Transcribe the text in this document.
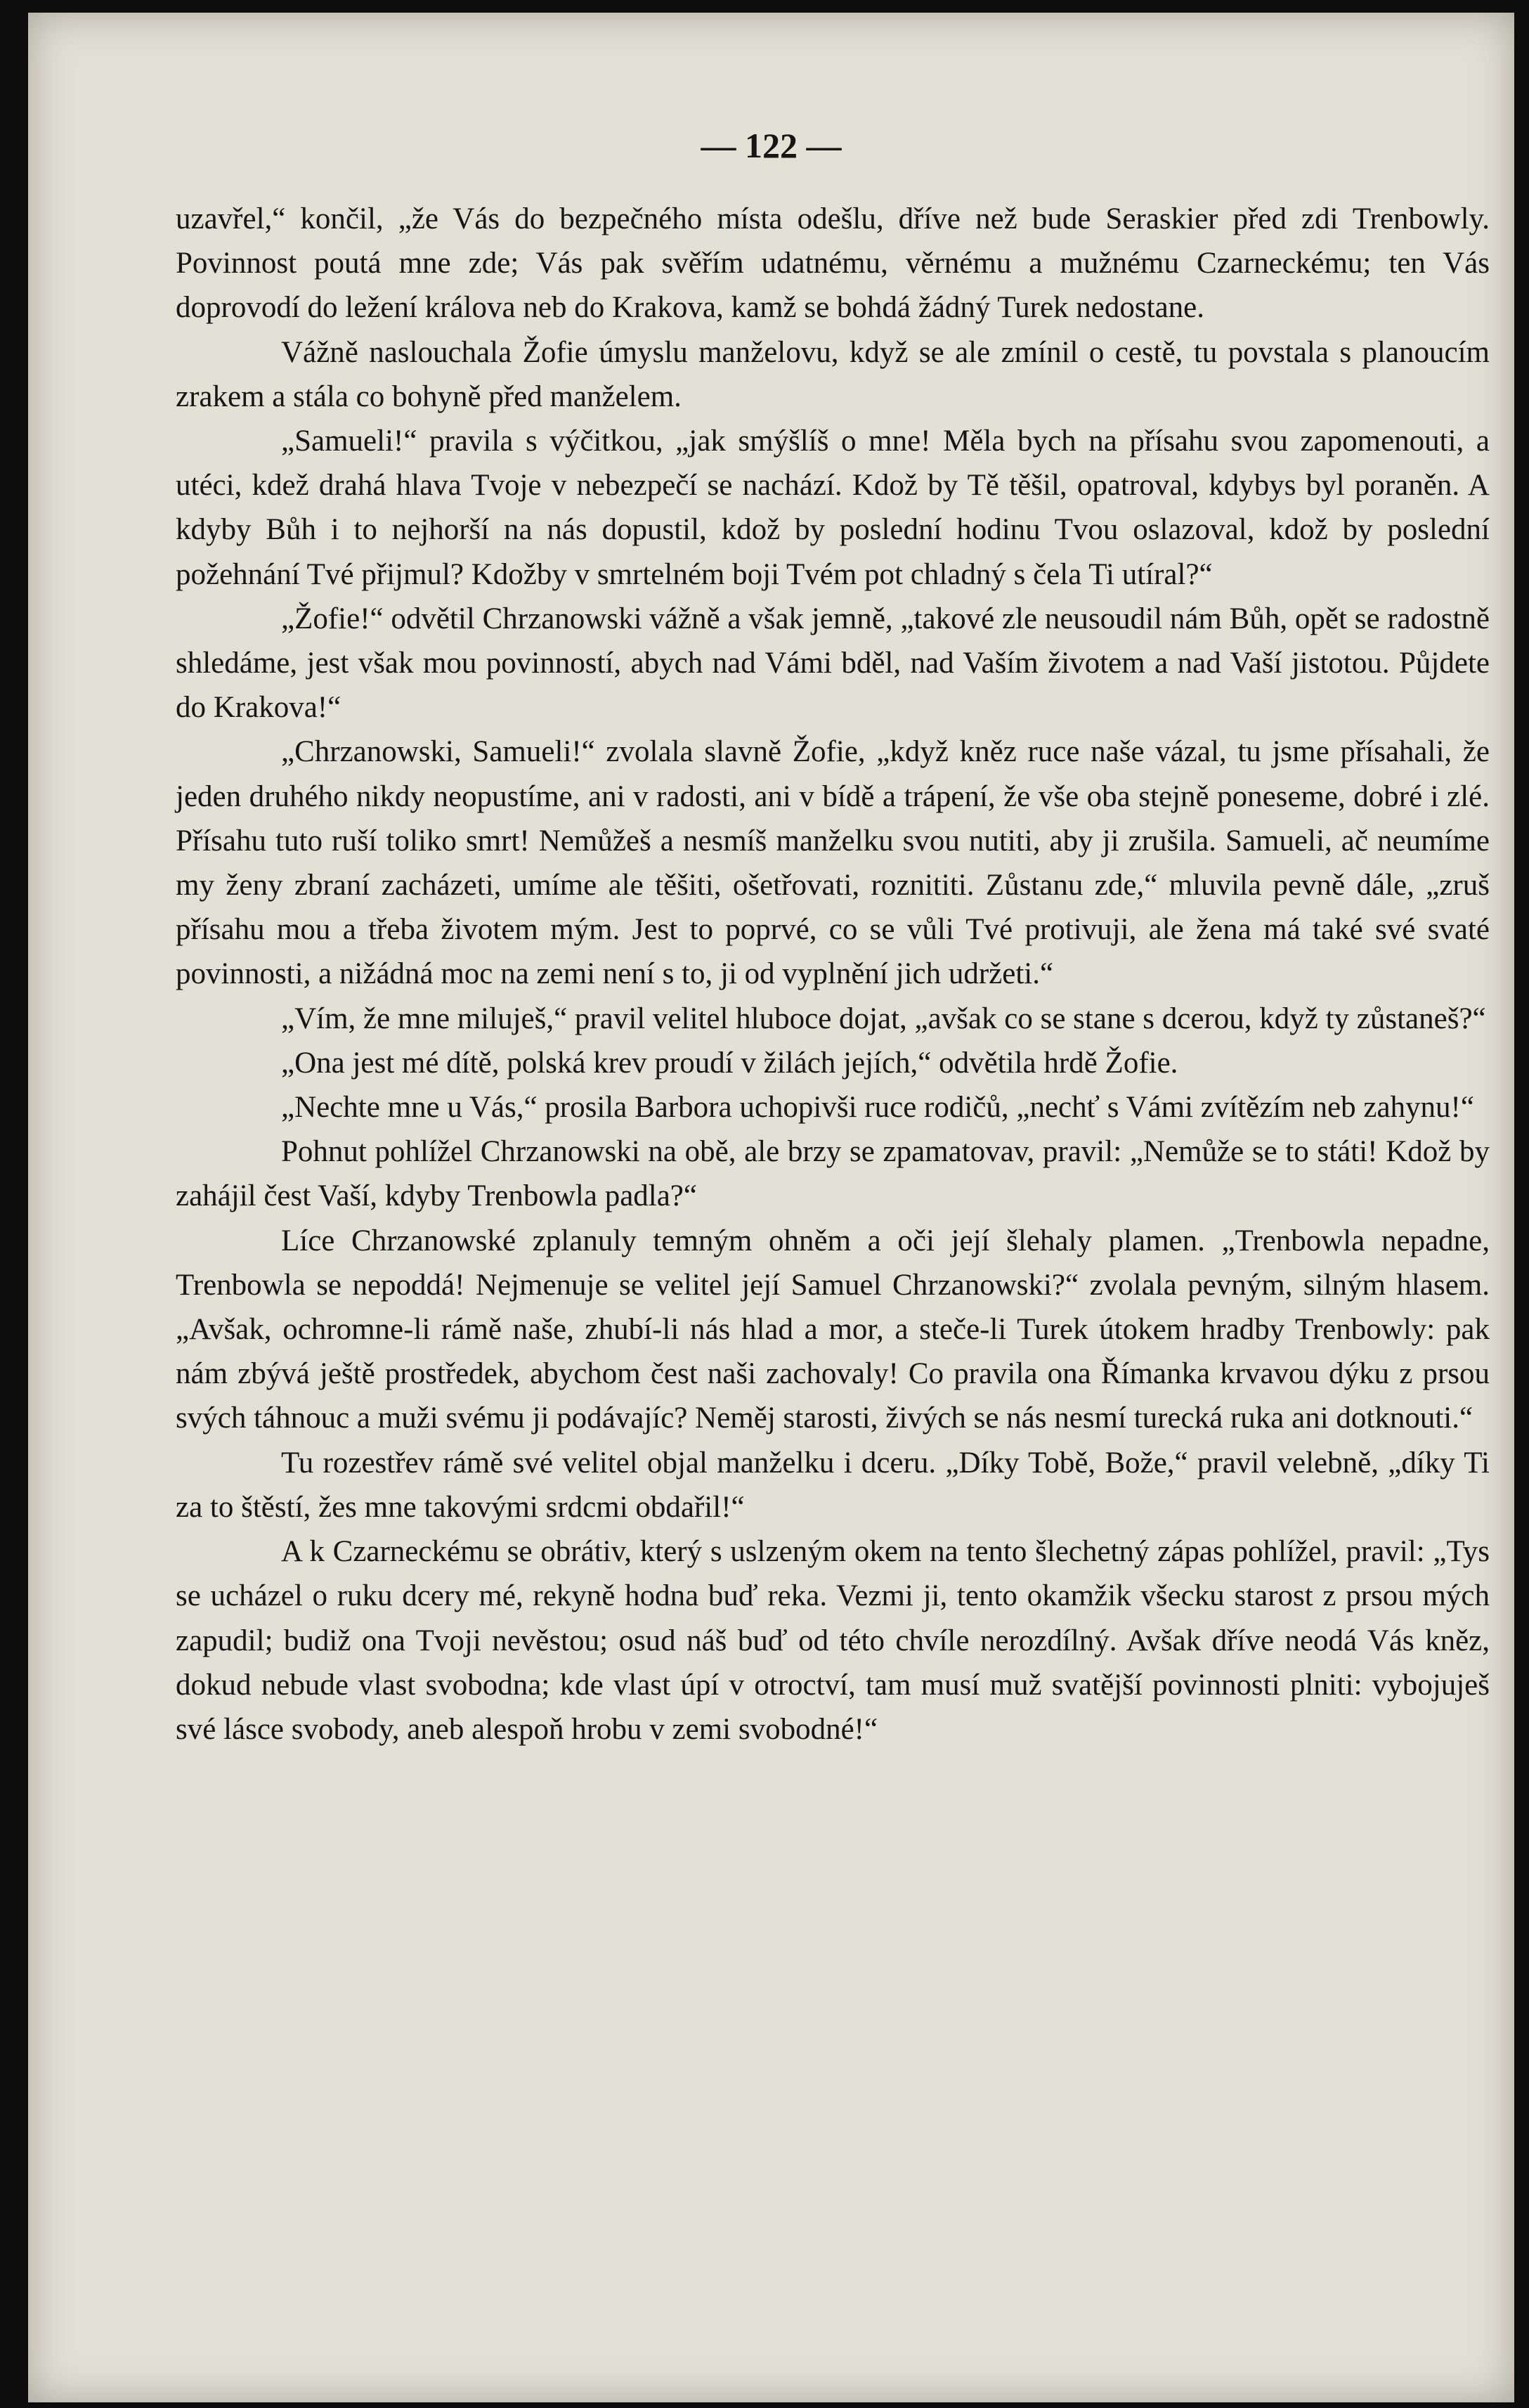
— 122 —

uzavřel,“ končil, „že Vás do bezpečného místa odešlu, dříve než bude Seraskier před zdi Trenbowly. Povinnost poutá mne zde; Vás pak svěřím udatnému, věrnému a mužnému Czarneckému; ten Vás doprovodí do ležení králova neb do Krakova, kamž se bohdá žádný Turek nedostane.

Vážně naslouchala Žofie úmyslu manželovu, když se ale zmínil o cestě, tu povstala s planoucím zrakem a stála co bohyně před manželem.

„Samueli!“ pravila s výčitkou, „jak smýšlíš o mne! Měla bych na přísahu svou zapomenouti, a utéci, kdež drahá hlava Tvoje v nebezpečí se nachází. Kdož by Tě těšil, opatroval, kdybys byl poraněn. A kdyby Bůh i to nejhorší na nás dopustil, kdož by poslední hodinu Tvou oslazoval, kdož by poslední požehnání Tvé přijmul? Kdožby v smrtelném boji Tvém pot chladný s čela Ti utíral?“

„Žofie!“ odvětil Chrzanowski vážně a však jemně, „takové zle neusoudil nám Bůh, opět se radostně shledáme, jest však mou povinností, abych nad Vámi bděl, nad Vaším životem a nad Vaší jistotou. Půjdete do Krakova!“

„Chrzanowski, Samueli!“ zvolala slavně Žofie, „když kněz ruce naše vázal, tu jsme přísahali, že jeden druhého nikdy neopustíme, ani v radosti, ani v bídě a trápení, že vše oba stejně poneseme, dobré i zlé. Přísahu tuto ruší toliko smrt! Nemůžeš a nesmíš manželku svou nutiti, aby ji zrušila. Samueli, ač neumíme my ženy zbraní zacházeti, umíme ale těšiti, ošetřovati, roznititi. Zůstanu zde,“ mluvila pevně dále, „zruš přísahu mou a třeba životem mým. Jest to poprvé, co se vůli Tvé protivuji, ale žena má také své svaté povinnosti, a nižádná moc na zemi není s to, ji od vyplnění jich udržeti.“

„Vím, že mne miluješ,“ pravil velitel hluboce dojat, „avšak co se stane s dcerou, když ty zůstaneš?“

„Ona jest mé dítě, polská krev proudí v žilách jejích,“ odvětila hrdě Žofie.

„Nechte mne u Vás,“ prosila Barbora uchopivši ruce rodičů, „nechť s Vámi zvítězím neb zahynu!“

Pohnut pohlížel Chrzanowski na obě, ale brzy se zpamatovav, pravil: „Nemůže se to státi! Kdož by zahájil čest Vaší, kdyby Trenbowla padla?“

Líce Chrzanowské zplanuly temným ohněm a oči její šlehaly plamen. „Trenbowla nepadne, Trenbowla se nepoddá! Nejmenuje se velitel její Samuel Chrzanowski?“ zvolala pevným, silným hlasem. „Avšak, ochromne-li rámě naše, zhubí-li nás hlad a mor, a steče-li Turek útokem hradby Trenbowly: pak nám zbývá ještě prostředek, abychom čest naši zachovaly! Co pravila ona Římanka krvavou dýku z prsou svých táhnouc a muži svému ji podávajíc? Neměj starosti, živých se nás nesmí turecká ruka ani dotknouti.“

Tu rozestřev rámě své velitel objal manželku i dceru. „Díky Tobě, Bože,“ pravil velebně, „díky Ti za to štěstí, žes mne takovými srdcmi obdařil!“

A k Czarneckému se obrátiv, který s uslzeným okem na tento šlechetný zápas pohlížel, pravil: „Tys se ucházel o ruku dcery mé, rekyně hodna buď reka. Vezmi ji, tento okamžik všecku starost z prsou mých zapudil; budiž ona Tvoji nevěstou; osud náš buď od této chvíle nerozdílný. Avšak dříve neodá Vás kněz, dokud nebude vlast svobodna; kde vlast úpí v otroctví, tam musí muž svatější povinnosti plniti: vybojuješ své lásce svobody, aneb alespoň hrobu v zemi svobodné!“
